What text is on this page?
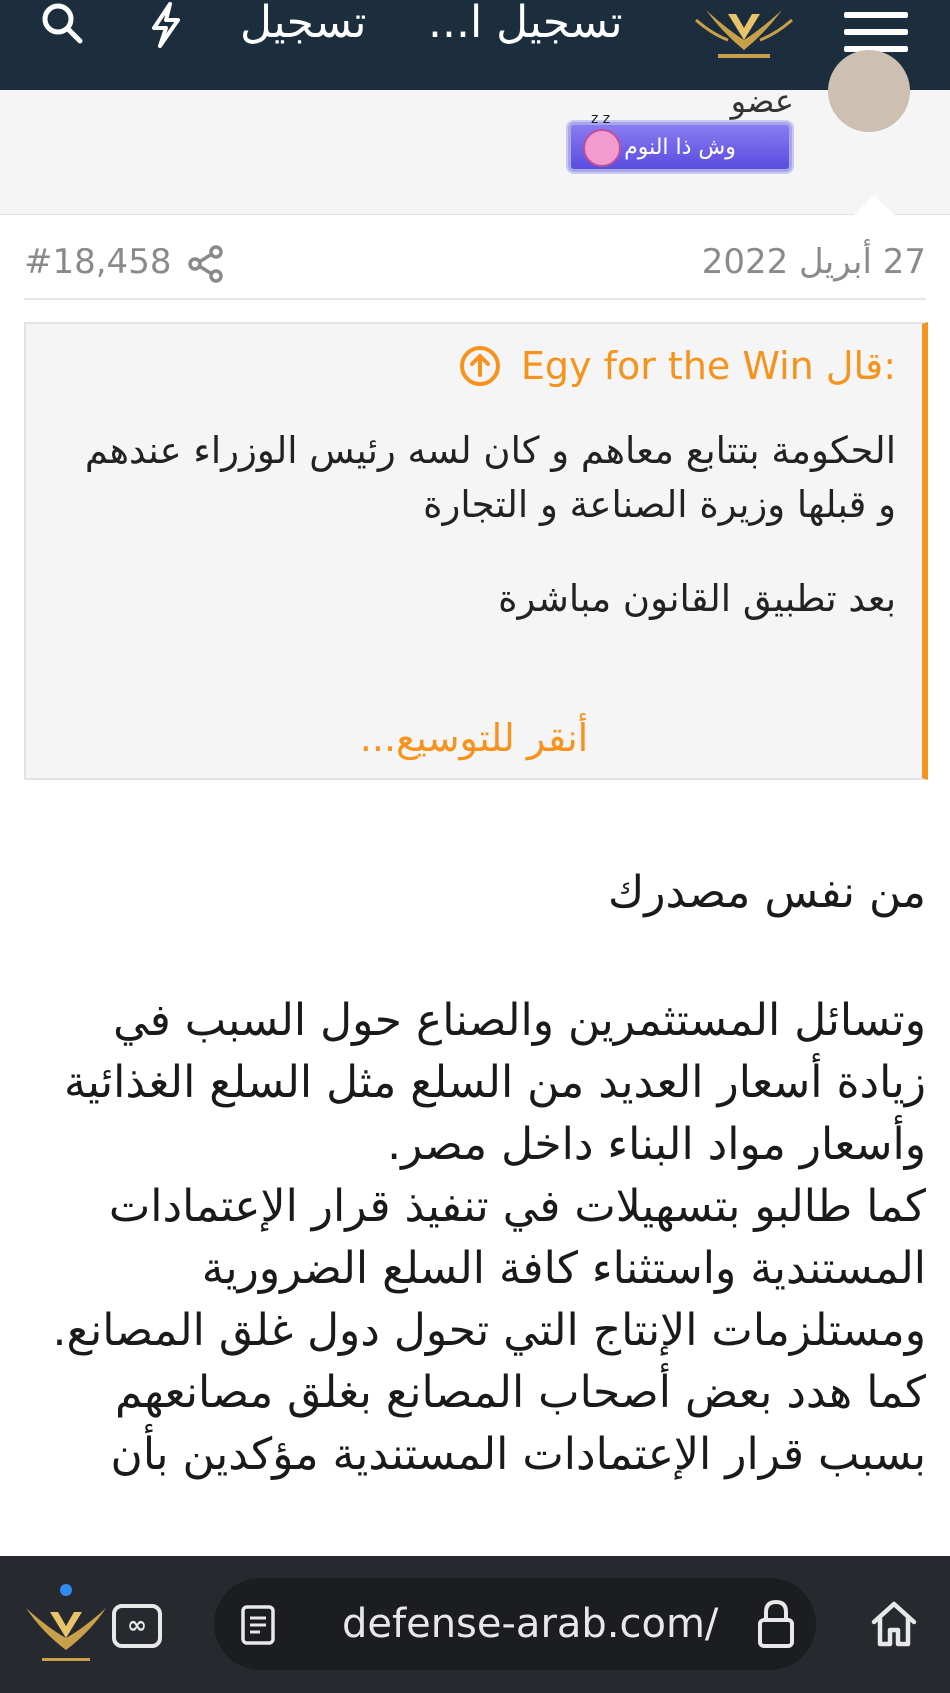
تسجيل تسجيل ا...
عضو
z z
وش ذا النوم
#18,458	27 أبريل 2022
Egy for the Win قال:

الحكومة بتتابع معاهم و كان لسه رئيس الوزراء عندهم و قبلها وزيرة الصناعة و التجارة

بعد تطبيق القانون مباشرة

أنقر للتوسيع...

من نفس مصدرك

وتسائل المستثمرين والصناع حول السبب في زيادة أسعار العديد من السلع مثل السلع الغذائية وأسعار مواد البناء داخل مصر.

كما طالبو بتسهيلات في تنفيذ قرار الإعتمادات المستندية واستثناء كافة السلع الضرورية ومستلزمات الإنتاج التي تحول دول غلق المصانع.

كما هدد بعض أصحاب المصانع بغلق مصانعهم بسبب قرار الإعتمادات المستندية مؤكدين بأن

∞	defense-arab.com/
